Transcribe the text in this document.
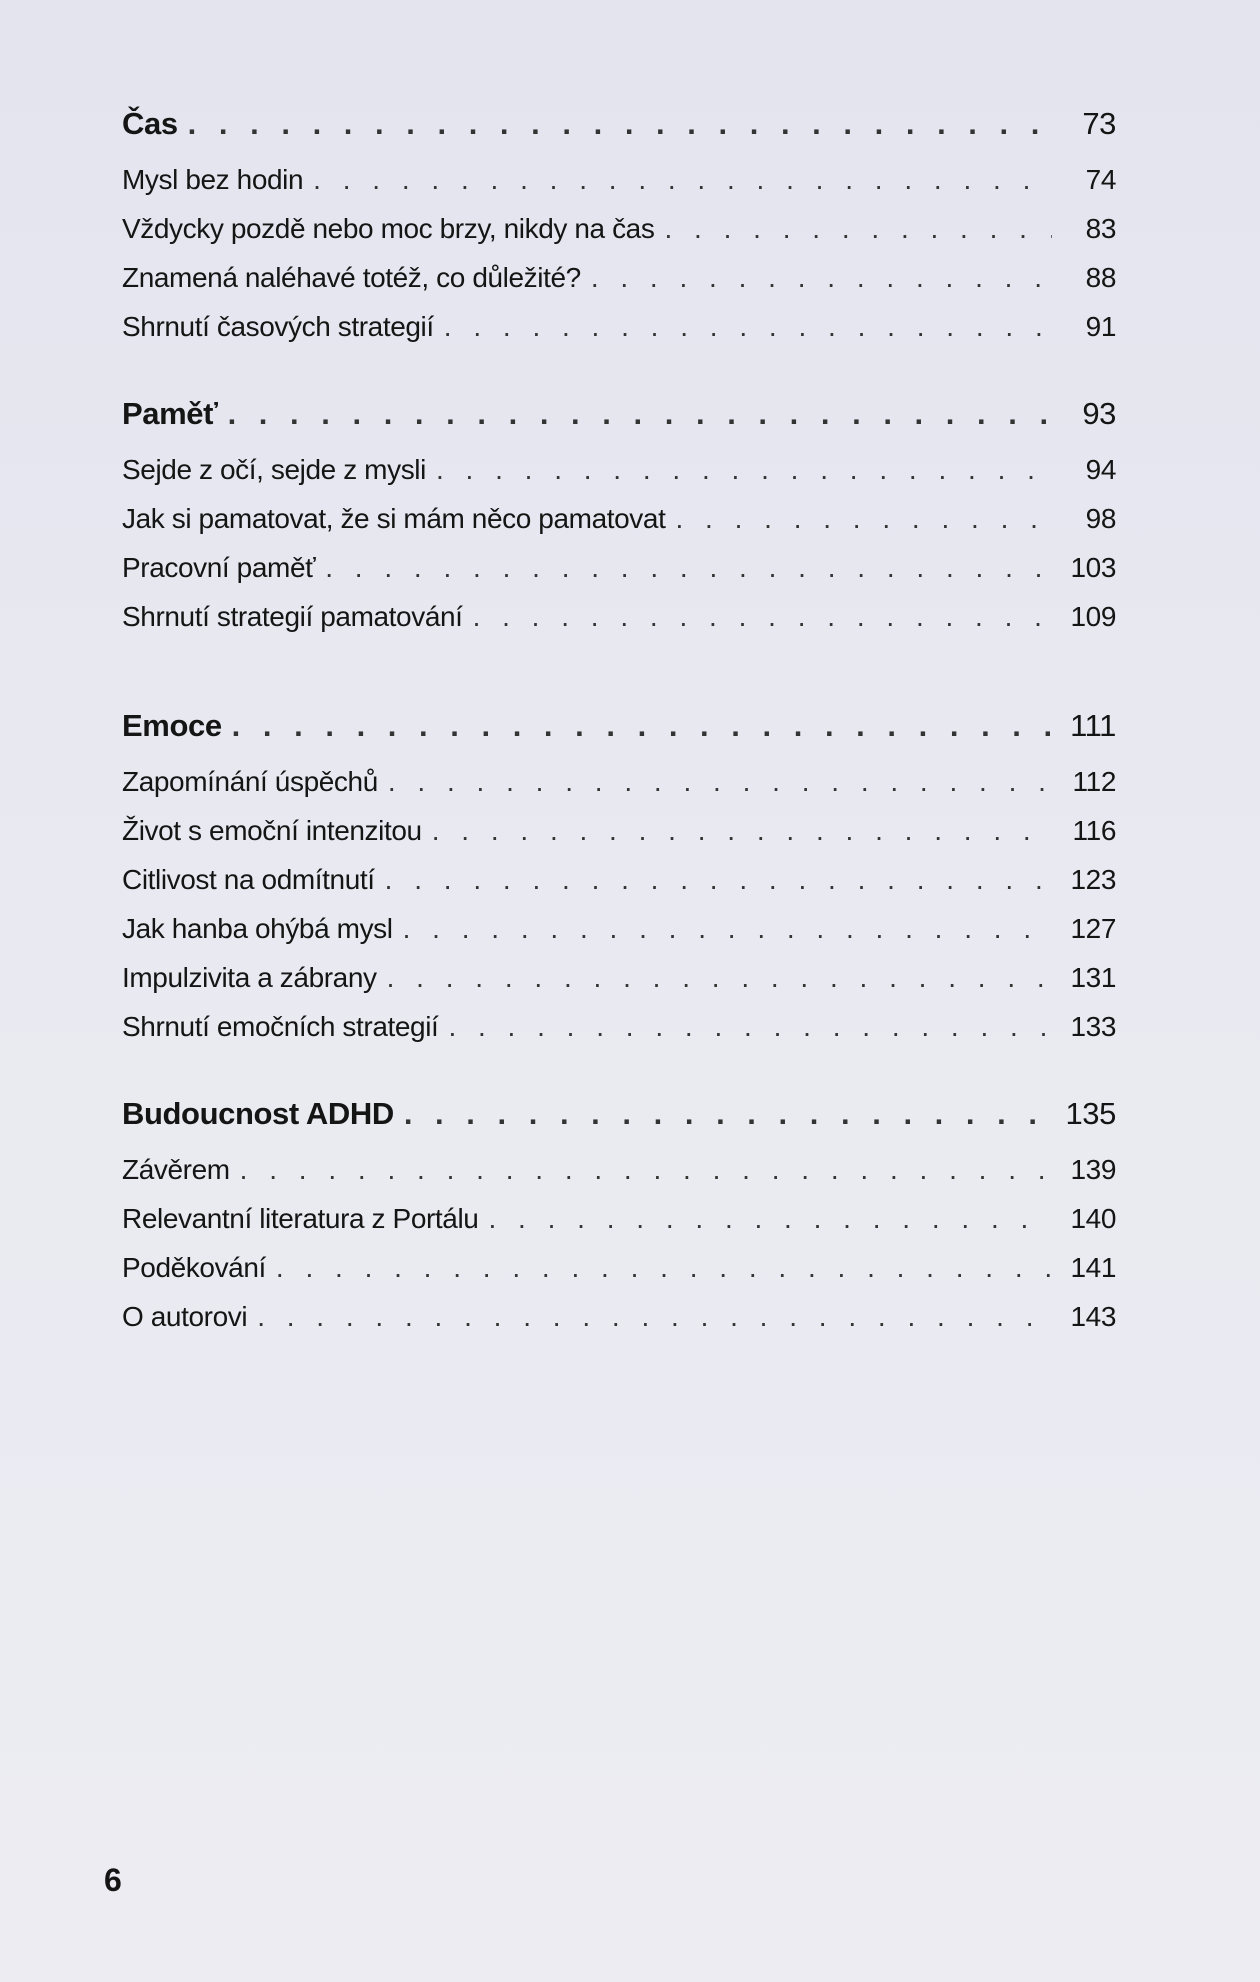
Čas . . .	73
Mysl bez hodin . . .	74
Vždycky pozdě nebo moc brzy, nikdy na čas . . .	83
Znamená naléhavé totéž, co důležité? . . .	88
Shrnutí časových strategií . . .	91
Paměť . . .	93
Sejde z očí, sejde z mysli . . .	94
Jak si pamatovat, že si mám něco pamatovat . . .	98
Pracovní paměť . . .	103
Shrnutí strategií pamatování . . .	109
Emoce . . .	111
Zapomínání úspěchů . . .	112
Život s emoční intenzitou . . .	116
Citlivost na odmítnutí . . .	123
Jak hanba ohýbá mysl . . .	127
Impulzivita a zábrany . . .	131
Shrnutí emočních strategií . . .	133
Budoucnost ADHD . . .	135
Závěrem . . .	139
Relevantní literatura z Portálu . . .	140
Poděkování . . .	141
O autorovi . . .	143
6
